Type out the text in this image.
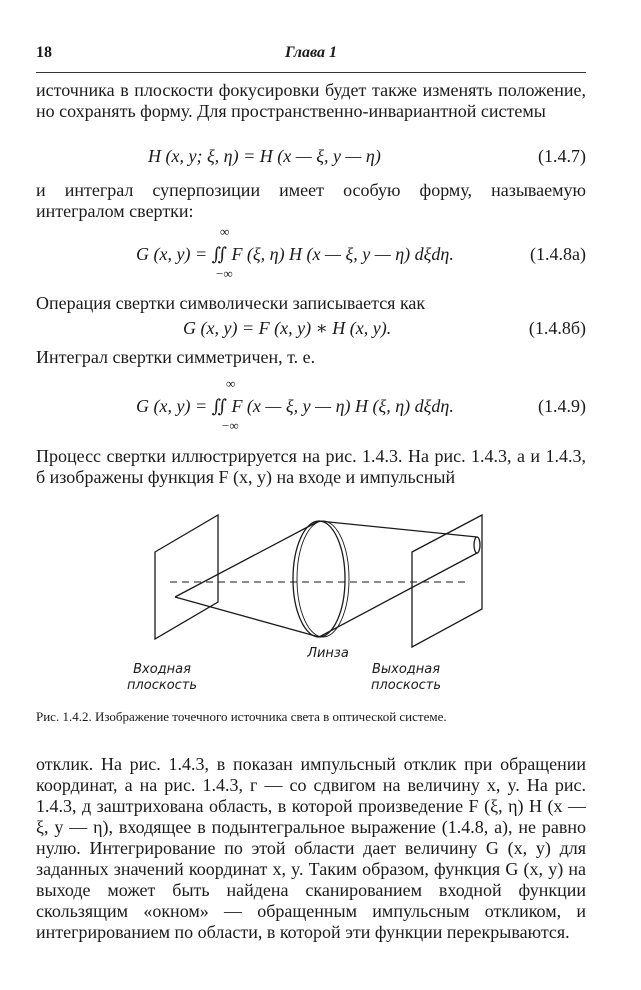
18	Глава 1
источника в плоскости фокусировки будет также изменять положение, но сохранять форму. Для пространственно-инвариантной системы
H (x, y; ξ, η) = H (x — ξ, y — η)	(1.4.7)
и интеграл суперпозиции имеет особую форму, называемую интегралом свертки:
∞
G (x, y) = ∬ F (ξ, η) H (x — ξ, y — η) dξdη.
−∞
(1.4.8а)
Операция свертки символически записывается как
G (x, y) = F (x, y) ∗ H (x, y).	(1.4.8б)
Интеграл свертки симметричен, т. е.
∞
G (x, y) = ∬ F (x — ξ, y — η) H (ξ, η) dξdη.
−∞
(1.4.9)
Процесс свертки иллюстрируется на рис. 1.4.3. На рис. 1.4.3, а и 1.4.3, б изображены функция F (x, y) на входе и импульсный
Входная плоскость
Линза
Выходная плоскость
Рис. 1.4.2. Изображение точечного источника света в оптической системе.
отклик. На рис. 1.4.3, в показан импульсный отклик при обращении координат, а на рис. 1.4.3, г — со сдвигом на величину x, y. На рис. 1.4.3, д заштрихована область, в которой произведение F (ξ, η) H (x — ξ, y — η), входящее в подынтегральное выражение (1.4.8, а), не равно нулю. Интегрирование по этой области дает величину G (x, y) для заданных значений координат x, y. Таким образом, функция G (x, y) на выходе может быть найдена сканированием входной функции скользящим «окном» — обращенным импульсным откликом, и интегрированием по области, в которой эти функции перекрываются.
